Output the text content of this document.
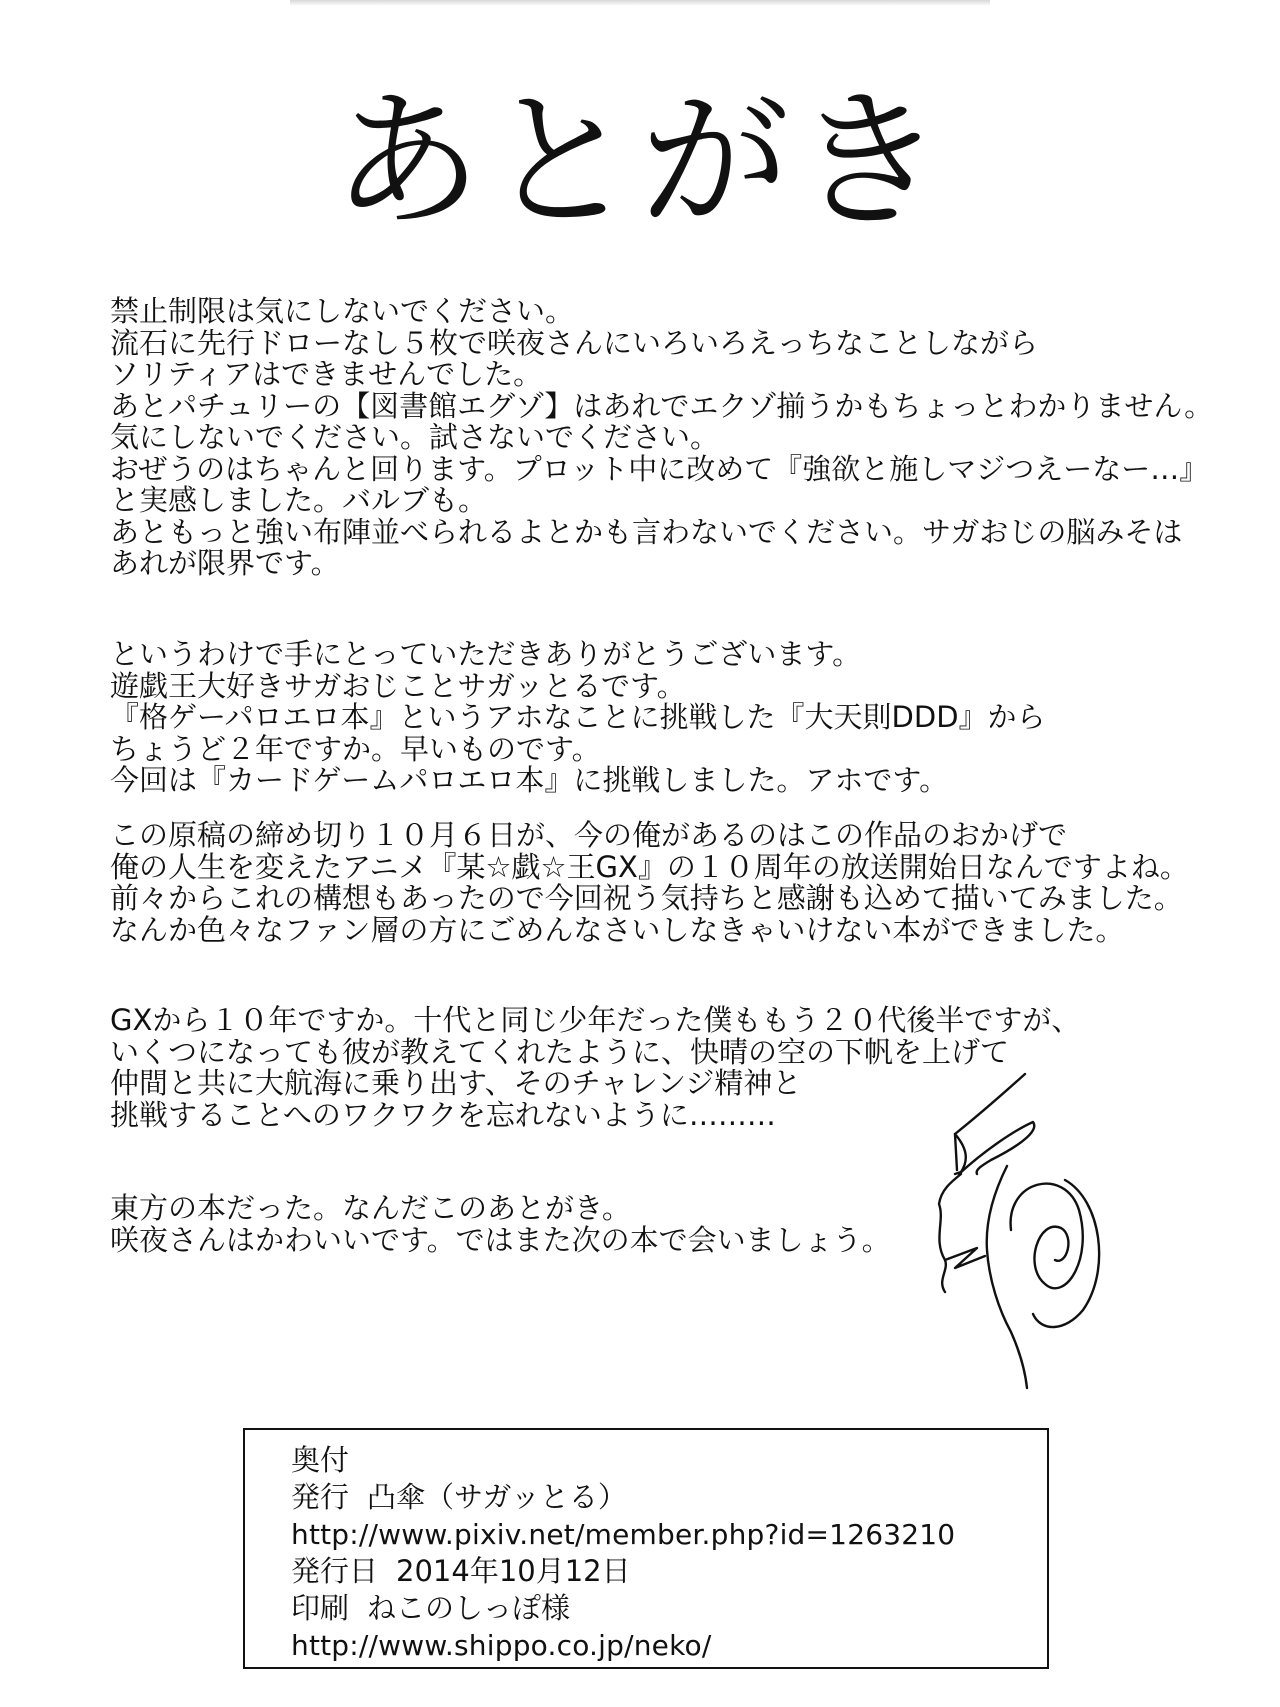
あとがき

禁止制限は気にしないでください。

流石に先行ドローなし５枚で咲夜さんにいろいろえっちなことしながら

ソリティアはできませんでした。

あとパチュリーの【図書館エグゾ】はあれでエクゾ揃うかもちょっとわかりません。

気にしないでください。試さないでください。

おぜうのはちゃんと回ります。プロット中に改めて『強欲と施しマジつえーなー…』

と実感しました。バルブも。

あともっと強い布陣並べられるよとかも言わないでください。サガおじの脳みそは

あれが限界です。

というわけで手にとっていただきありがとうございます。

遊戯王大好きサガおじことサガッとるです。

『格ゲーパロエロ本』というアホなことに挑戦した『大天則DDD』から

ちょうど２年ですか。早いものです。

今回は『カードゲームパロエロ本』に挑戦しました。アホです。

この原稿の締め切り１０月６日が、今の俺があるのはこの作品のおかげで

俺の人生を変えたアニメ『某☆戯☆王GX』の１０周年の放送開始日なんですよね。

前々からこれの構想もあったので今回祝う気持ちと感謝も込めて描いてみました。

なんか色々なファン層の方にごめんなさいしなきゃいけない本ができました。

GXから１０年ですか。十代と同じ少年だった僕ももう２０代後半ですが、

いくつになっても彼が教えてくれたように、快晴の空の下帆を上げて

仲間と共に大航海に乗り出す、そのチャレンジ精神と

挑戦することへのワクワクを忘れないように………

東方の本だった。なんだこのあとがき。

咲夜さんはかわいいです。ではまた次の本で会いましょう。

奥付
発行 凸傘（サガッとる）
http://www.pixiv.net/member.php?id=1263210
発行日 2014年10月12日
印刷 ねこのしっぽ様
http://www.shippo.co.jp/neko/
